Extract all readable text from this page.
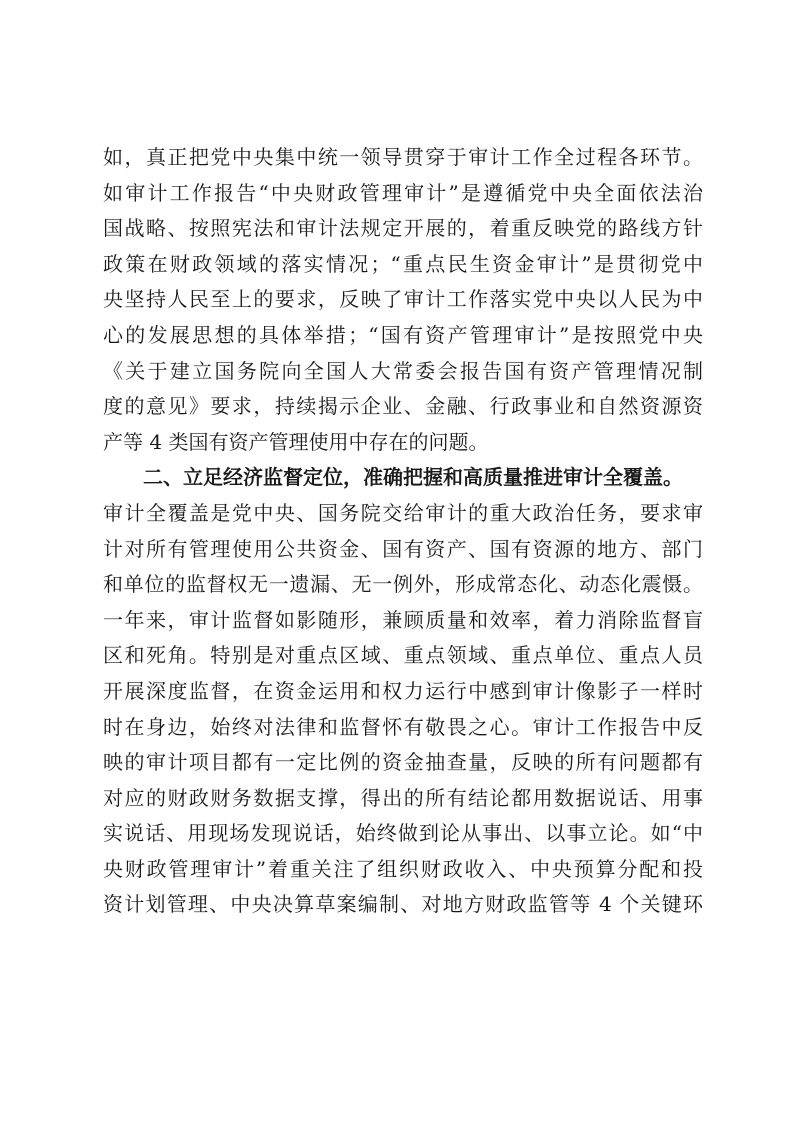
如，真正把党中央集中统一领导贯穿于审计工作全过程各环节。
如审计工作报告“中央财政管理审计”是遵循党中央全面依法治
国战略、按照宪法和审计法规定开展的，着重反映党的路线方针
政策在财政领域的落实情况；“重点民生资金审计”是贯彻党中
央坚持人民至上的要求，反映了审计工作落实党中央以人民为中
心的发展思想的具体举措；“国有资产管理审计”是按照党中央
《关于建立国务院向全国人大常委会报告国有资产管理情况制
度的意见》要求，持续揭示企业、金融、行政事业和自然资源资
产等 4 类国有资产管理使用中存在的问题。
二、立足经济监督定位，准确把握和高质量推进审计全覆盖。
审计全覆盖是党中央、国务院交给审计的重大政治任务，要求审
计对所有管理使用公共资金、国有资产、国有资源的地方、部门
和单位的监督权无一遗漏、无一例外，形成常态化、动态化震慑。
一年来，审计监督如影随形，兼顾质量和效率，着力消除监督盲
区和死角。特别是对重点区域、重点领域、重点单位、重点人员
开展深度监督，在资金运用和权力运行中感到审计像影子一样时
时在身边，始终对法律和监督怀有敬畏之心。审计工作报告中反
映的审计项目都有一定比例的资金抽查量，反映的所有问题都有
对应的财政财务数据支撑，得出的所有结论都用数据说话、用事
实说话、用现场发现说话，始终做到论从事出、以事立论。如“中
央财政管理审计”着重关注了组织财政收入、中央预算分配和投
资计划管理、中央决算草案编制、对地方财政监管等 4 个关键环
